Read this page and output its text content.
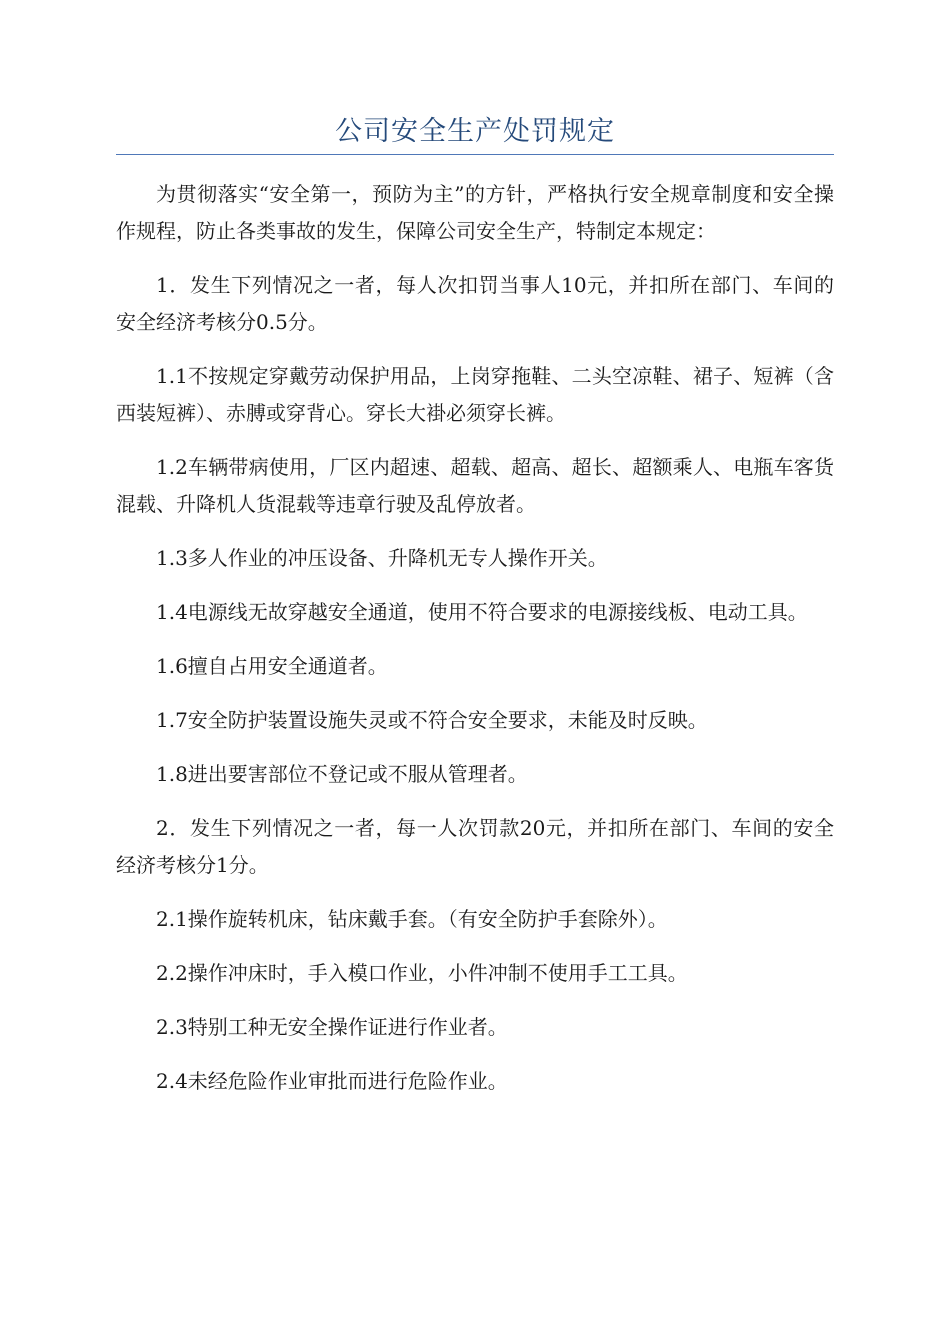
公司安全生产处罚规定

为贯彻落实“安全第一，预防为主”的方针，严格执行安全规章制度和安全操作规程，防止各类事故的发生，保障公司安全生产，特制定本规定：

1．发生下列情况之一者，每人次扣罚当事人10元，并扣所在部门、车间的安全经济考核分0.5分。

1.1不按规定穿戴劳动保护用品，上岗穿拖鞋、二头空凉鞋、裙子、短裤（含西装短裤）、赤膊或穿背心。穿长大褂必须穿长裤。

1.2车辆带病使用，厂区内超速、超载、超高、超长、超额乘人、电瓶车客货混载、升降机人货混载等违章行驶及乱停放者。

1.3多人作业的冲压设备、升降机无专人操作开关。

1.4电源线无故穿越安全通道，使用不符合要求的电源接线板、电动工具。

1.6擅自占用安全通道者。

1.7安全防护装置设施失灵或不符合安全要求，未能及时反映。

1.8进出要害部位不登记或不服从管理者。

2．发生下列情况之一者，每一人次罚款20元，并扣所在部门、车间的安全经济考核分1分。

2.1操作旋转机床，钻床戴手套。（有安全防护手套除外）。

2.2操作冲床时，手入模口作业，小件冲制不使用手工工具。

2.3特别工种无安全操作证进行作业者。

2.4未经危险作业审批而进行危险作业。
